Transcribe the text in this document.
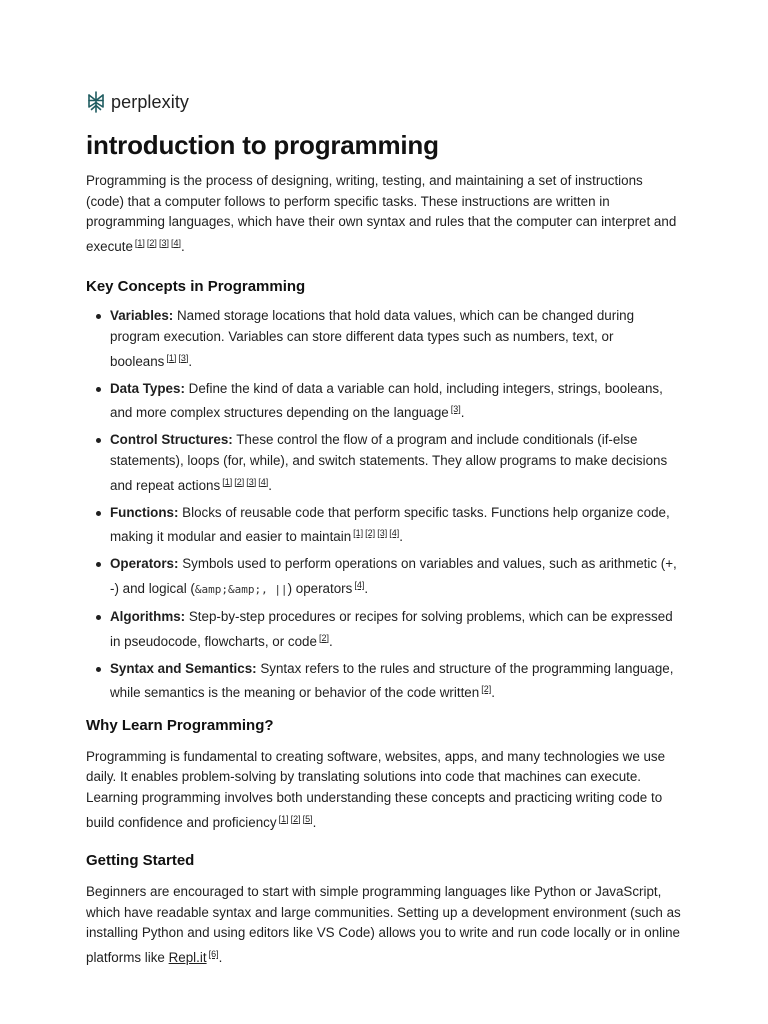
perplexity
introduction to programming

Programming is the process of designing, writing, testing, and maintaining a set of instructions (code) that a computer follows to perform specific tasks. These instructions are written in programming languages, which have their own syntax and rules that the computer can interpret and execute [1] [2] [3] [4].

Key Concepts in Programming
Variables: Named storage locations that hold data values, which can be changed during program execution. Variables can store different data types such as numbers, text, or booleans [1] [3].
Data Types: Define the kind of data a variable can hold, including integers, strings, booleans, and more complex structures depending on the language [3].
Control Structures: These control the flow of a program and include conditionals (if-else statements), loops (for, while), and switch statements. They allow programs to make decisions and repeat actions [1] [2] [3] [4].
Functions: Blocks of reusable code that perform specific tasks. Functions help organize code, making it modular and easier to maintain [1] [2] [3] [4].
Operators: Symbols used to perform operations on variables and values, such as arithmetic (+, -) and logical (&amp;&amp;, ||) operators [4].
Algorithms: Step-by-step procedures or recipes for solving problems, which can be expressed in pseudocode, flowcharts, or code [2].
Syntax and Semantics: Syntax refers to the rules and structure of the programming language, while semantics is the meaning or behavior of the code written [2].
Why Learn Programming?

Programming is fundamental to creating software, websites, apps, and many technologies we use daily. It enables problem-solving by translating solutions into code that machines can execute. Learning programming involves both understanding these concepts and practicing writing code to build confidence and proficiency [1] [2] [5].

Getting Started

Beginners are encouraged to start with simple programming languages like Python or JavaScript, which have readable syntax and large communities. Setting up a development environment (such as installing Python and using editors like VS Code) allows you to write and run code locally or in online platforms like Repl.it [6].
